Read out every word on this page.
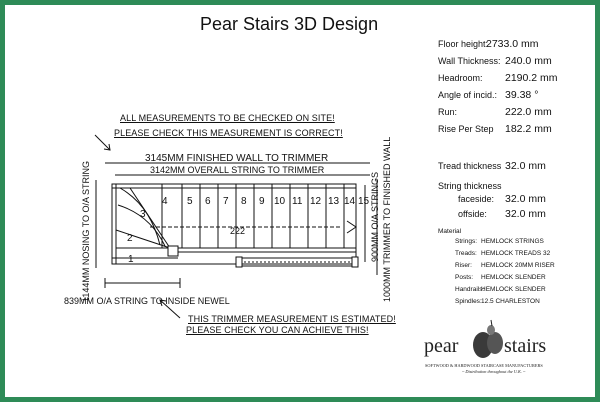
Pear Stairs 3D Design
Floor height:
2733.0 mm
Wall Thickness: 240.0 mm
Headroom: 2190.2 mm
Angle of incid.: 39.38 °
Run:	222.0 mm
Rise Per Step 182.2 mm
Tread thickness 32.0 mm
String thickness
faceside: 32.0 mm
offside: 32.0 mm
Material
Strings: HEMLOCK STRINGS
Treads: HEMLOCK TREADS 32
Riser: HEMLOCK 20MM RISER
Posts: HEMLOCK SLENDER
Handrails:
HEMLOCK SLENDER
Spindles: 12.5 CHARLESTON
ALL MEASUREMENTS TO BE CHECKED ON SITE!
PLEASE CHECK THIS MEASUREMENT IS CORRECT!
THIS TRIMMER MEASUREMENT IS ESTIMATED!
PLEASE CHECK YOU CAN ACHIEVE THIS!
3145MM FINISHED WALL TO TRIMMER
3142MM OVERALL STRING TO TRIMMER
839MM O/A STRING TO INSIDE NEWEL
1144MM NOSING TO O/A STRING	900MM O/A STRINGS 1000MM TRIMMER TO FINISHED WALL
1
2
3
4 5 6 7 8 9 10 11 12 13 14 15
222
pear stairs
SOFTWOOD & HARDWOOD STAIRCASE MANUFACTURERS
~ Distribution throughout the U.K. ~
